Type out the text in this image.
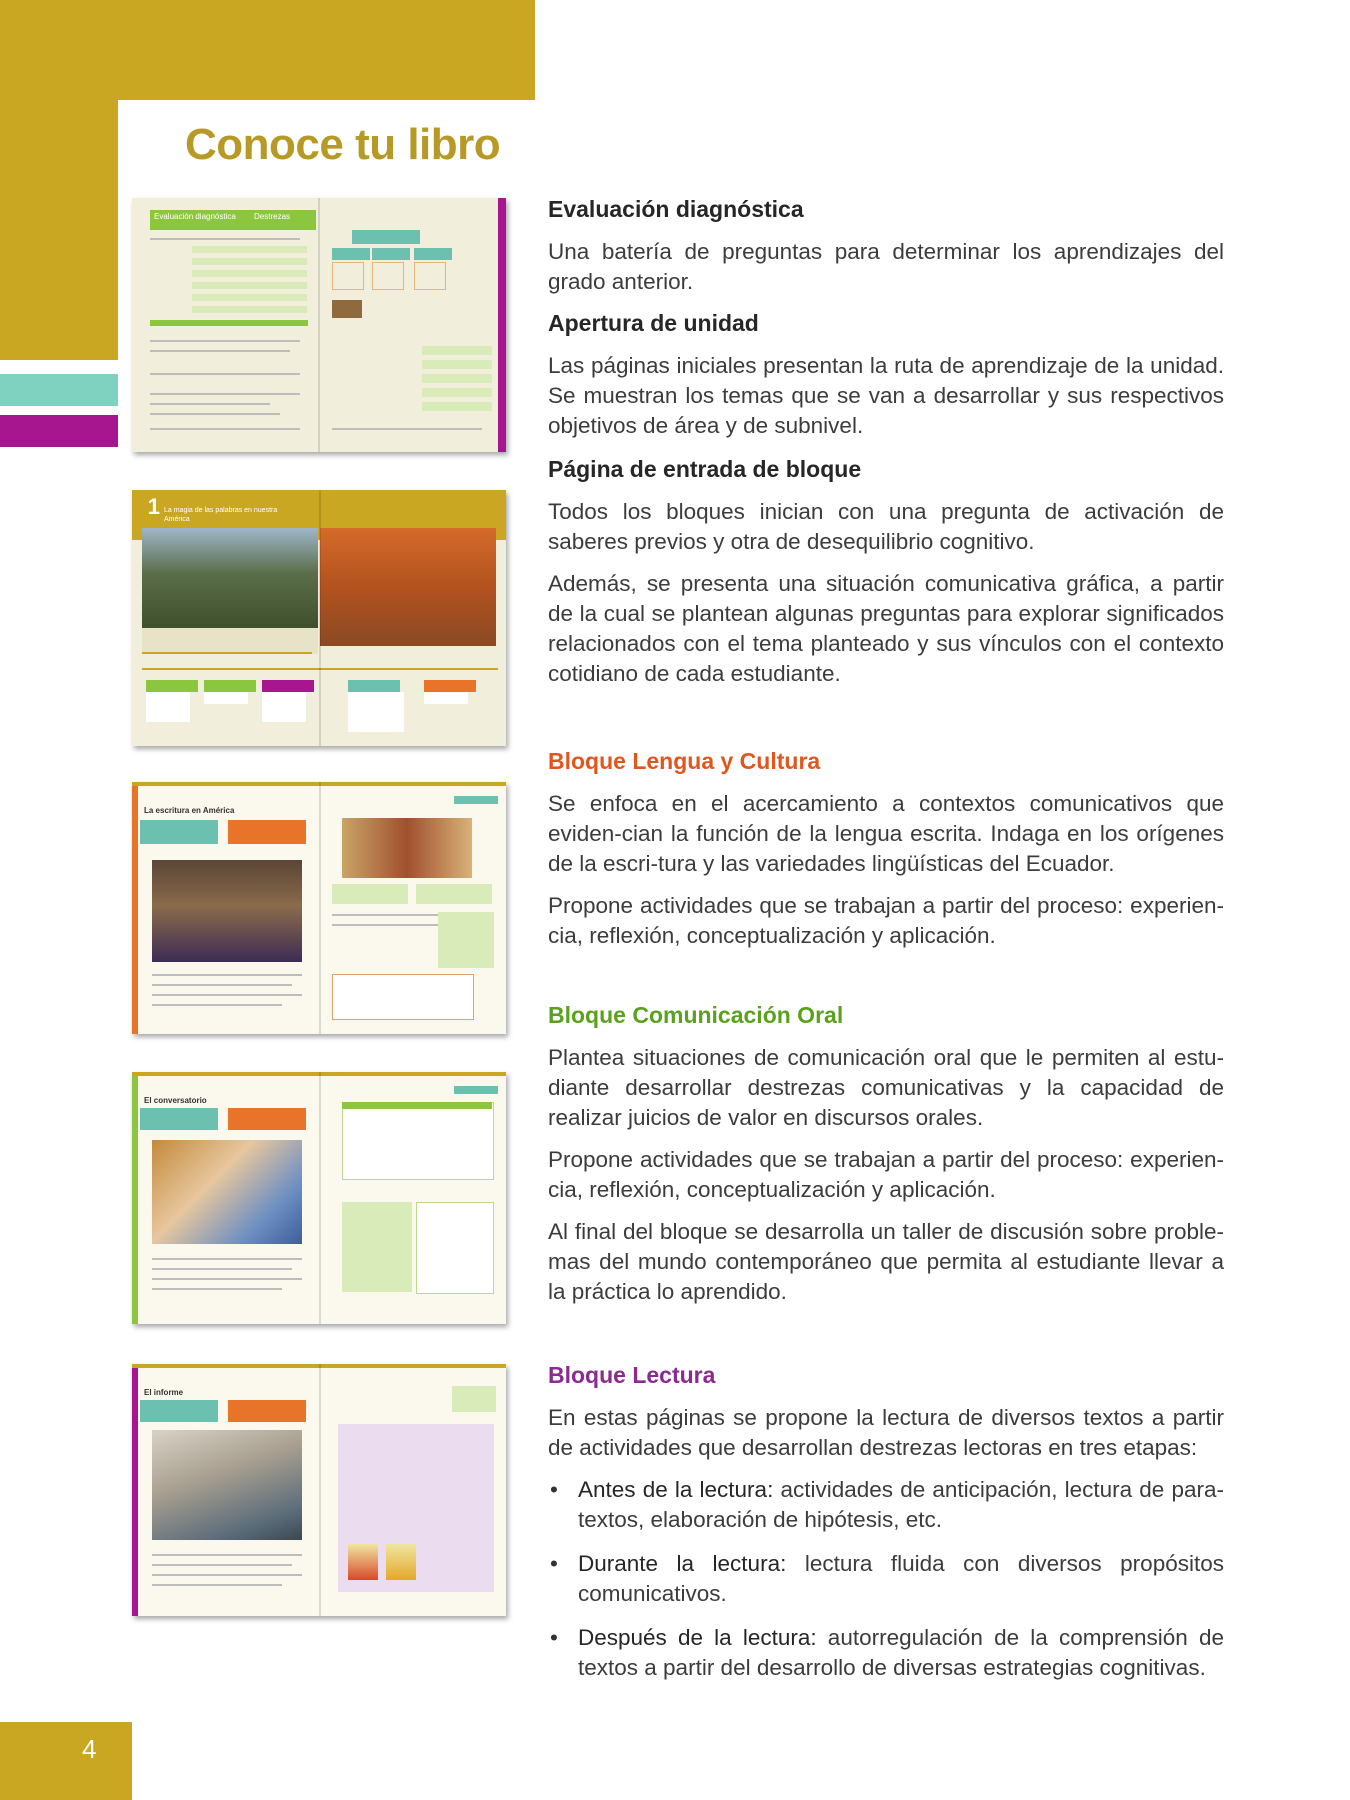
4
Conoce tu libro
Evaluación diagnóstica	Destrezas
1 La magia de las palabras en nuestra América
La escritura en América
El conversatorio
El informe
Evaluación diagnóstica

Una batería de preguntas para determinar los aprendizajes del grado anterior.

Apertura de unidad

Las páginas iniciales presentan la ruta de aprendizaje de la unidad. Se muestran los temas que se van a desarrollar y sus respectivos objetivos de área y de subnivel.

Página de entrada de bloque

Todos los bloques inician con una pregunta de activación de saberes previos y otra de desequilibrio cognitivo.

Además, se presenta una situación comunicativa gráfica, a partir de la cual se plantean algunas preguntas para explorar significados relacionados con el tema planteado y sus vínculos con el contexto cotidiano de cada estudiante.

Bloque Lengua y Cultura

Se enfoca en el acercamiento a contextos comunicativos que eviden-cian la función de la lengua escrita. Indaga en los orígenes de la escri-tura y las variedades lingüísticas del Ecuador.

Propone actividades que se trabajan a partir del proceso: experien-cia, reflexión, conceptualización y aplicación.

Bloque Comunicación Oral

Plantea situaciones de comunicación oral que le permiten al estu-diante desarrollar destrezas comunicativas y la capacidad de realizar juicios de valor en discursos orales.

Propone actividades que se trabajan a partir del proceso: experien-cia, reflexión, conceptualización y aplicación.

Al final del bloque se desarrolla un taller de discusión sobre proble-mas del mundo contemporáneo que permita al estudiante llevar a la práctica lo aprendido.

Bloque Lectura

En estas páginas se propone la lectura de diversos textos a partir de actividades que desarrollan destrezas lectoras en tres etapas:

• Antes de la lectura: actividades de anticipación, lectura de para-textos, elaboración de hipótesis, etc.
• Durante la lectura: lectura fluida con diversos propósitos comunicativos.
• Después de la lectura: autorregulación de la comprensión de textos a partir del desarrollo de diversas estrategias cognitivas.
